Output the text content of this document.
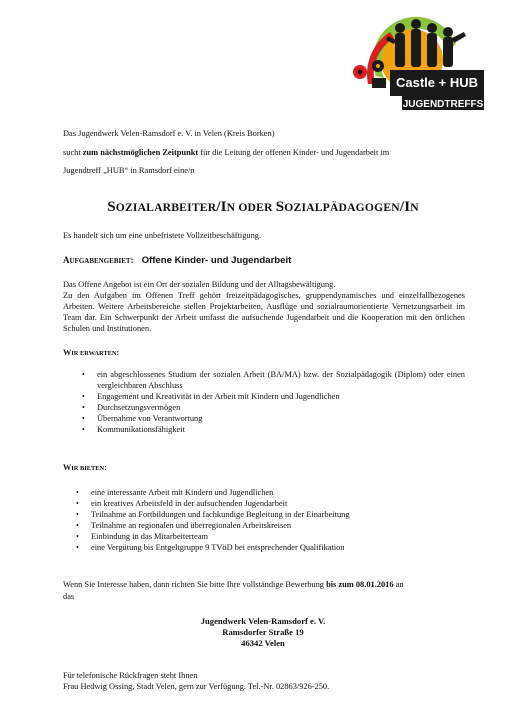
Castle + HUB
JUGENDTREFFS
Das Jugendwerk Velen-Ramsdorf e. V. in Velen (Kreis Borken)
sucht zum nächstmöglichen Zeitpunkt für die Leitung der offenen Kinder- und Jugendarbeit im
Jugendtreff „HUB“ in Ramsdorf eine/n
SOZIALARBEITER/IN ODER SOZIALPÄDAGOGEN/IN
Es handelt sich um eine unbefristete Vollzeitbeschäftigung.
AUFGABENGEBIET: Offene Kinder- und Jugendarbeit
Das Offene Angebot ist ein Ort der sozialen Bildung und der Alltagsbewältigung.
Zu den Aufgaben im Offenen Treff gehört freizeitpädagogisches, gruppendynamisches und einzelfallbezogenes Arbeiten. Weitere Arbeitsbereiche stellen Projektarbeiten, Ausflüge und sozialraumorientierte Vernetzungsarbeit im Team dar. Ein Schwerpunkt der Arbeit umfasst die aufsuchende Jugendarbeit und die Kooperation mit den örtlichen Schulen und Institutionen.
WIR ERWARTEN:
• ein abgeschlossenes Studium der sozialen Arbeit (BA/MA) bzw. der Sozialpädagogik (Diplom) oder einen vergleichbaren Abschluss
• Engagement und Kreativität in der Arbeit mit Kindern und Jugendlichen
• Durchsetzungsvermögen
• Übernahme von Verantwortung
• Kommunikationsfähigkeit
WIR BIETEN:
• eine interessante Arbeit mit Kindern und Jugendlichen
• ein kreatives Arbeitsfeld in der aufsuchenden Jugendarbeit
• Teilnahme an Fortbildungen und fachkundige Begleitung in der Einarbeitung
• Teilnahme an regionalen und überregionalen Arbeitskreisen
• Einbindung in das Mitarbeiterteam
• eine Vergütung bis Entgeltgruppe 9 TVöD bei entsprechender Qualifikation
Wenn Sie Interesse haben, dann richten Sie bitte Ihre vollständige Bewerbung bis zum 08.01.2016 an
das
Jugendwerk Velen-Ramsdorf e. V.
Ramsdorfer Straße 19
46342 Velen
Für telefonische Rückfragen steht Ihnen
Frau Hedwig Ossing, Stadt Velen, gern zur Verfügung. Tel.-Nr. 02863/926-250.
